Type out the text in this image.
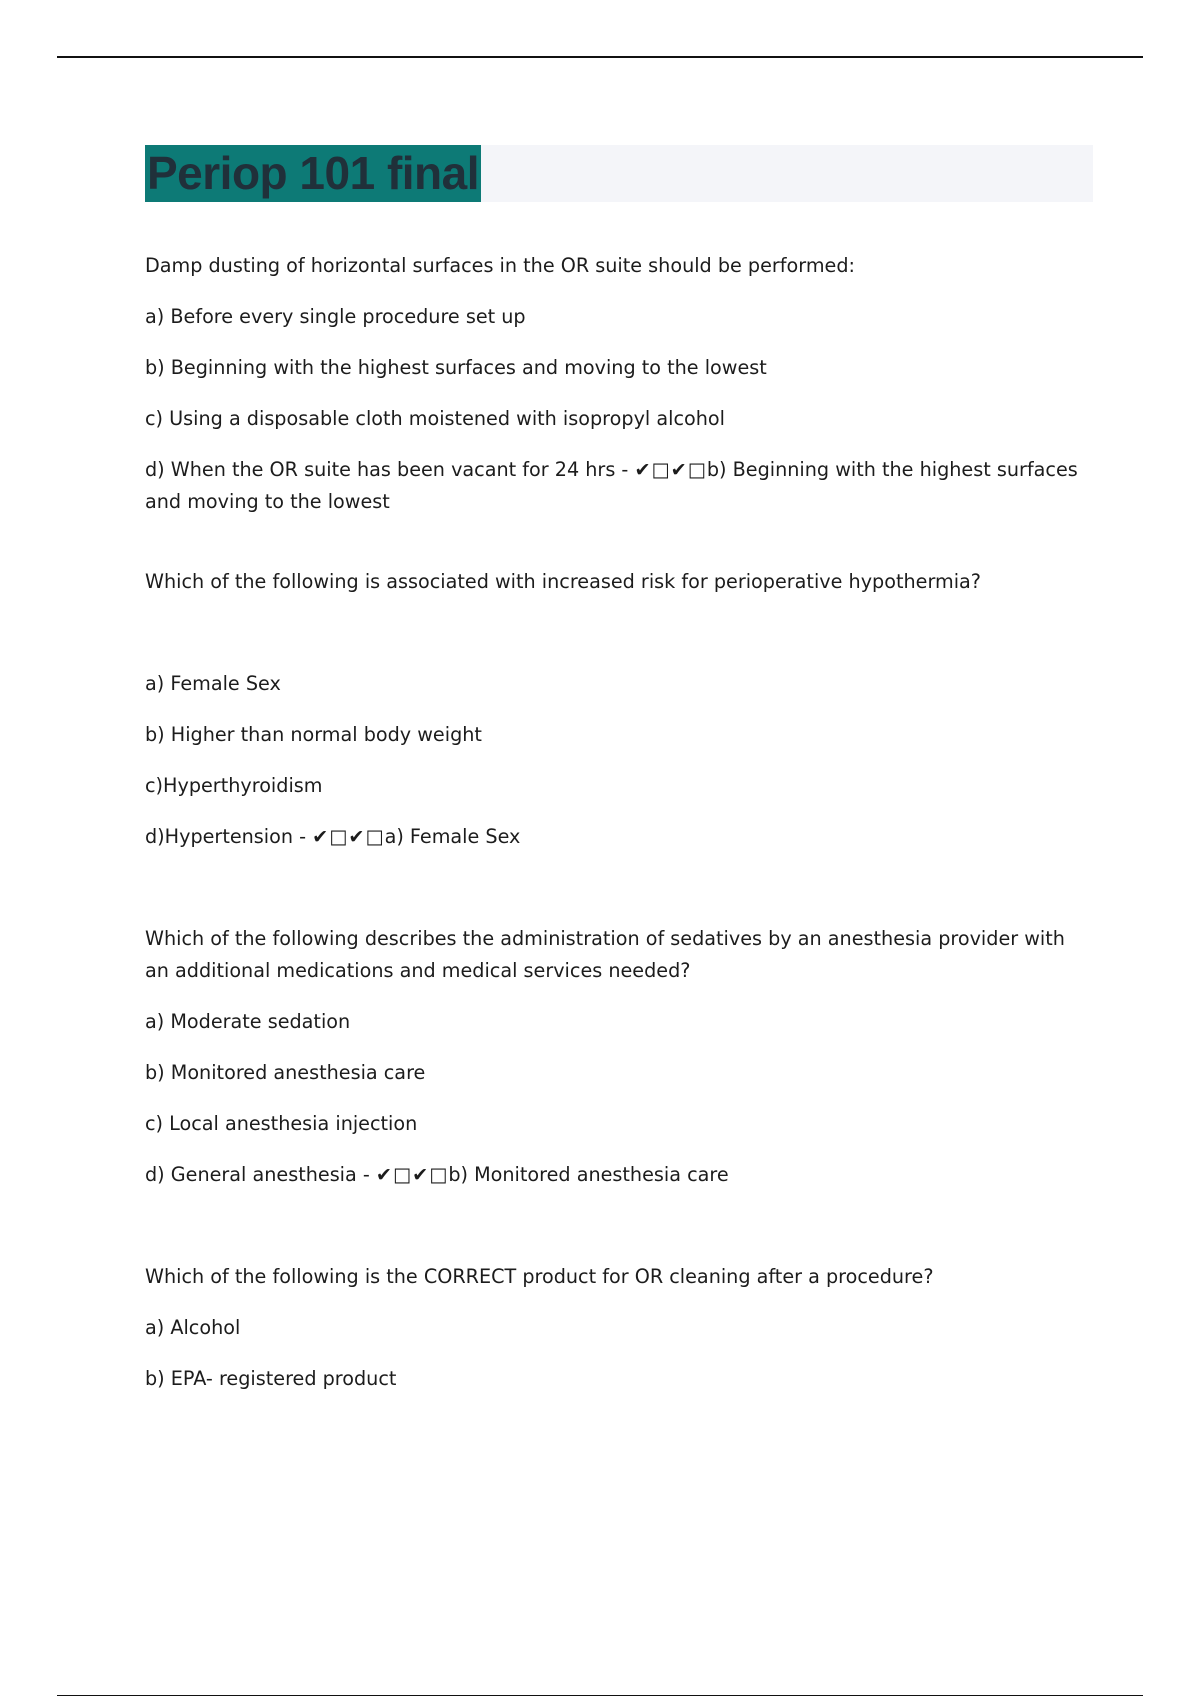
Periop 101 final

Damp dusting of horizontal surfaces in the OR suite should be performed:

a) Before every single procedure set up

b) Beginning with the highest surfaces and moving to the lowest

c) Using a disposable cloth moistened with isopropyl alcohol

d) When the OR suite has been vacant for 24 hrs - ✔□✔□b) Beginning with the highest surfaces and moving to the lowest

Which of the following is associated with increased risk for perioperative hypothermia?

a) Female Sex

b) Higher than normal body weight

c)Hyperthyroidism

d)Hypertension - ✔□✔□a) Female Sex

Which of the following describes the administration of sedatives by an anesthesia provider with an additional medications and medical services needed?

a) Moderate sedation

b) Monitored anesthesia care

c) Local anesthesia injection

d) General anesthesia - ✔□✔□b) Monitored anesthesia care

Which of the following is the CORRECT product for OR cleaning after a procedure?

a) Alcohol

b) EPA- registered product
